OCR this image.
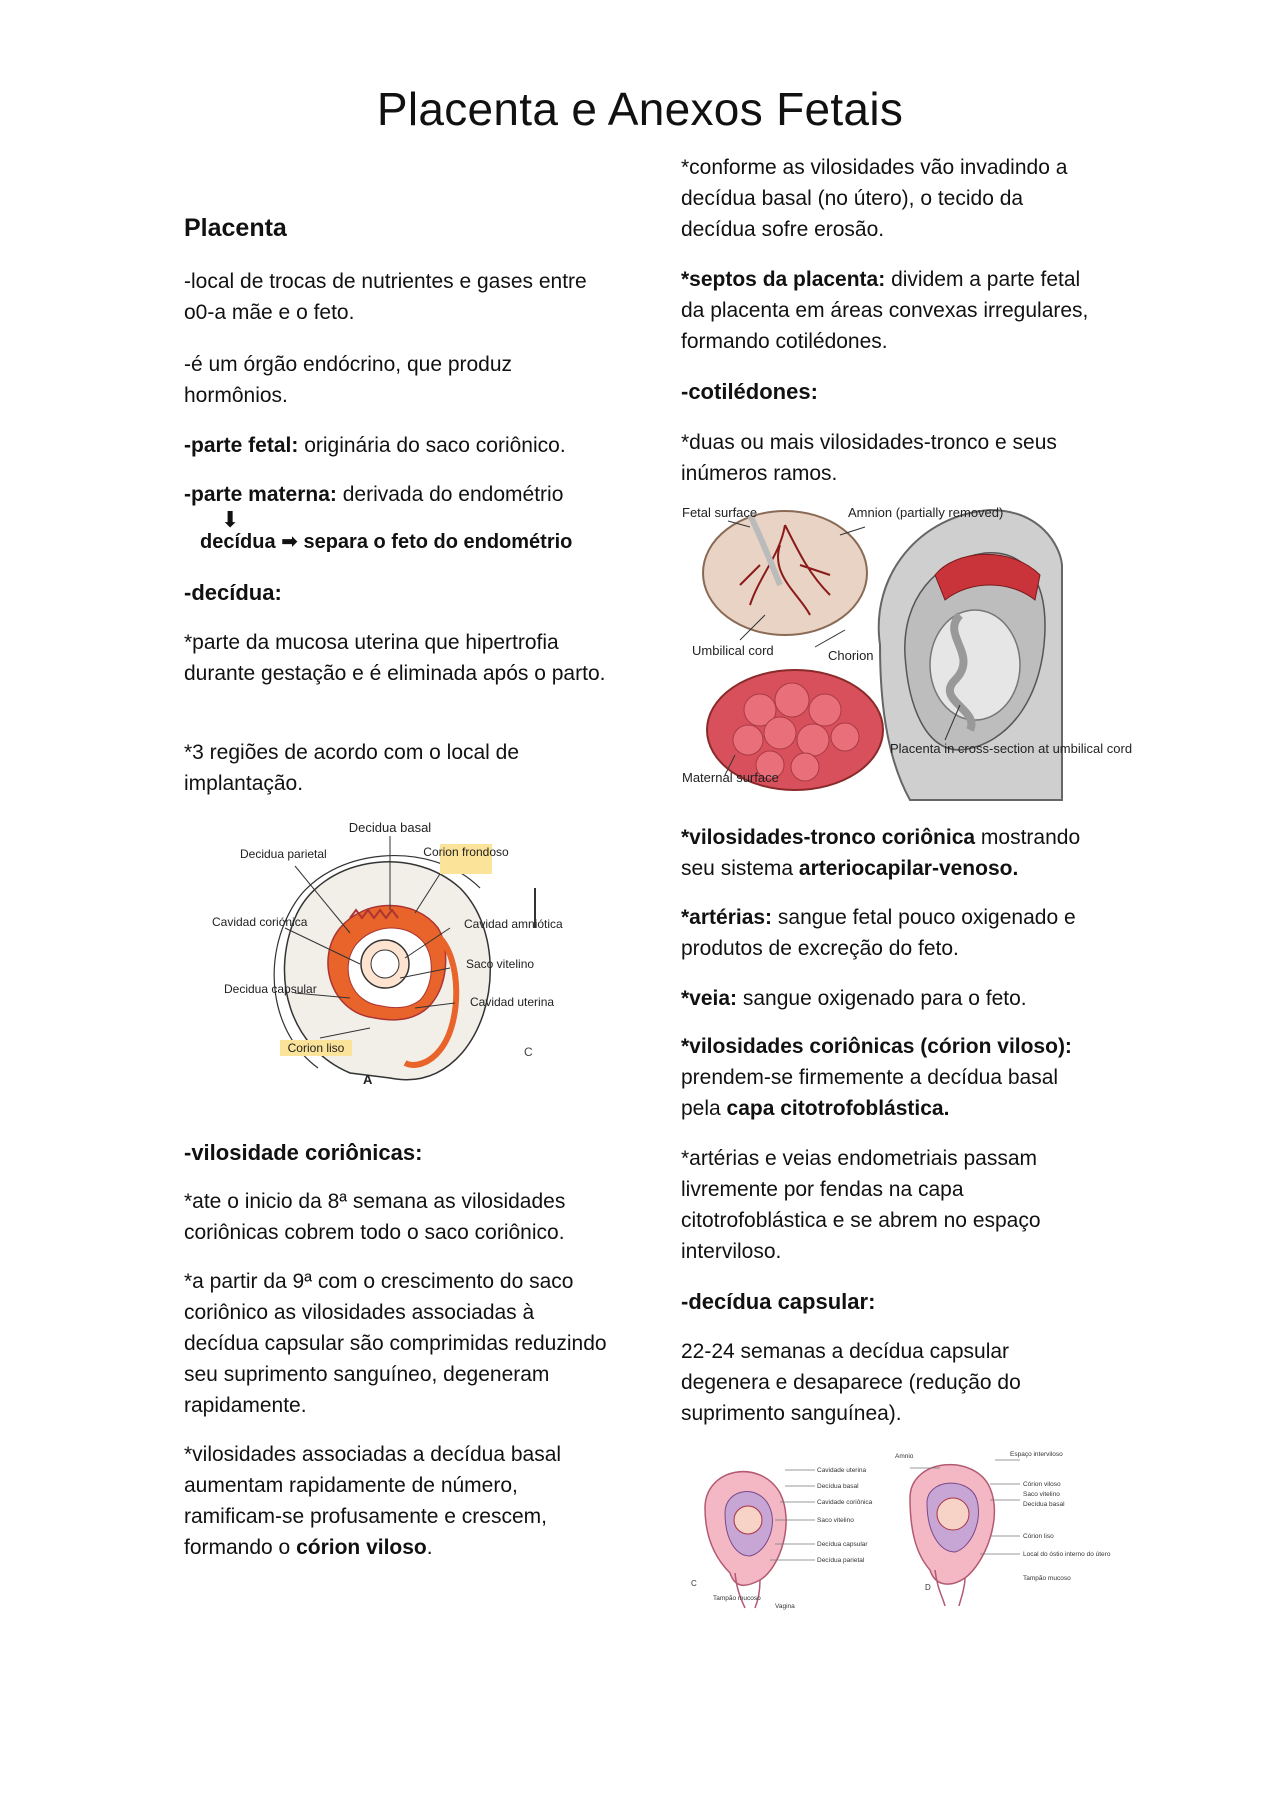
Placenta e Anexos Fetais

Placenta

-local de trocas de nutrientes e gases entre o0-a mãe e o feto.

-é um órgão endócrino, que produz hormônios.

-parte fetal: originária do saco coriônico.

-parte materna: derivada do endométrio

⬇

decídua ➡ separa o feto do endométrio

-decídua:

*parte da mucosa uterina que hipertrofia durante gestação e é eliminada após o parto.

*3 regiões de acordo com o local de implantação.

Decidua basal
Corion frondoso
Decidua parietal
Cavidad coriónica	Cavidad amniótica
Saco vitelino
Decidua capsular
Cavidad uterina
Corion liso
A
C

-vilosidade coriônicas:

*ate o inicio da 8ª semana as vilosidades coriônicas cobrem todo o saco coriônico.

*a partir da 9ª com o crescimento do saco coriônico as vilosidades associadas à decídua capsular são comprimidas reduzindo seu suprimento sanguíneo, degeneram rapidamente.

*vilosidades associadas a decídua basal aumentam rapidamente de número, ramificam-se profusamente e crescem, formando o córion viloso.

*conforme as vilosidades vão invadindo a decídua basal (no útero), o tecido da decídua sofre erosão.

*septos da placenta: dividem a parte fetal da placenta em áreas convexas irregulares, formando cotilédones.

-cotilédones:

*duas ou mais vilosidades-tronco e seus inúmeros ramos.

Fetal surface	Amnion (partially removed)
Umbilical cord	Chorion
Maternal surface
Placenta in cross-section at umbilical cord

*vilosidades-tronco coriônica mostrando seu sistema arteriocapilar-venoso.

*artérias: sangue fetal pouco oxigenado e produtos de excreção do feto.

*veia: sangue oxigenado para o feto.

*vilosidades coriônicas (córion viloso): prendem-se firmemente a decídua basal pela capa citotrofoblástica.

*artérias e veias endometriais passam livremente por fendas na capa citotrofoblástica e se abrem no espaço interviloso.

-decídua capsular:

22-24 semanas a decídua capsular degenera e desaparece (redução do suprimento sanguínea).

Cavidade uterina
Decídua basal
Cavidade coriônica
Saco vitelino
Decídua capsular
Decídua parietal
Tampão mucoso
Vagina
Amnio	Espaço interviloso
Córion viloso
Saco vitelino
Decídua basal
Córion liso
Local do óstio interno do útero
Tampão mucoso
C	D
